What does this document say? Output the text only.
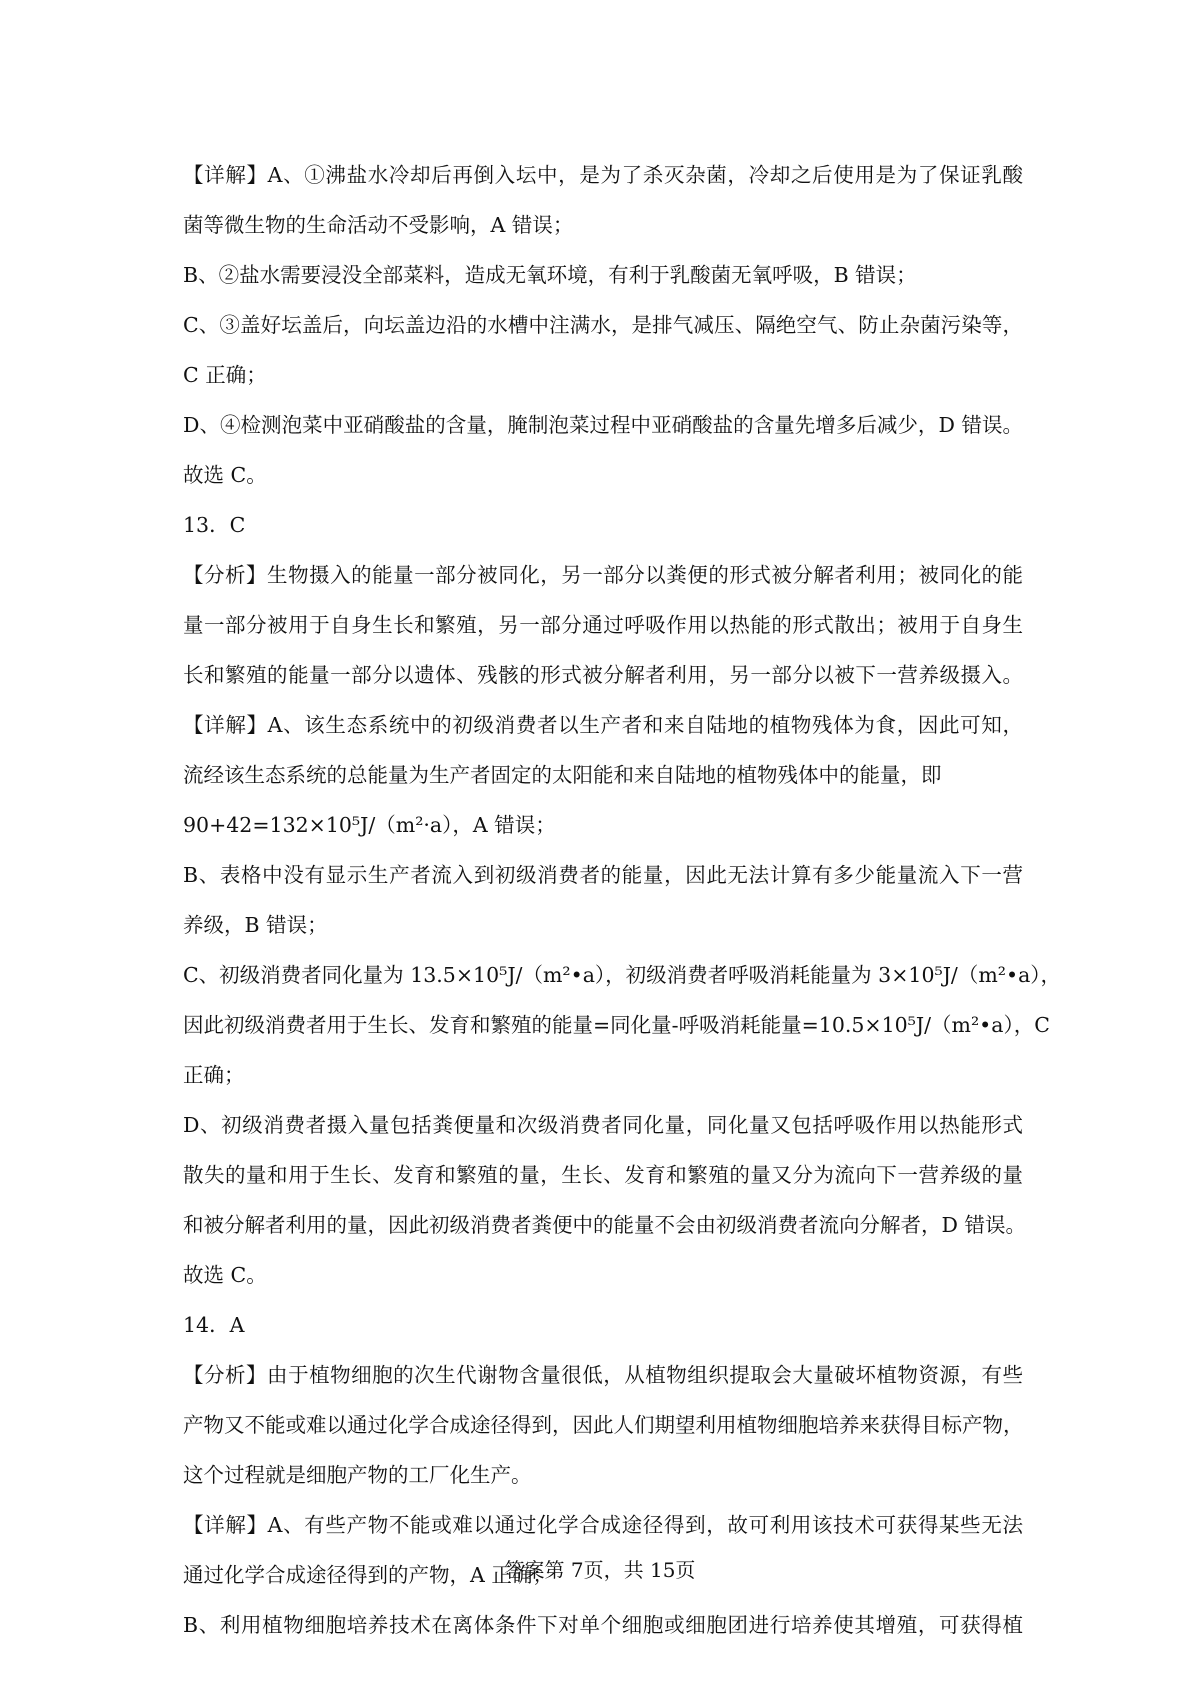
【详解】A、①沸盐水冷却后再倒入坛中，是为了杀灭杂菌，冷却之后使用是为了保证乳酸
菌等微生物的生命活动不受影响，A 错误；
B、②盐水需要浸没全部菜料，造成无氧环境，有利于乳酸菌无氧呼吸，B 错误；
C、③盖好坛盖后，向坛盖边沿的水槽中注满水，是排气减压、隔绝空气、防止杂菌污染等，
C 正确；
D、④检测泡菜中亚硝酸盐的含量，腌制泡菜过程中亚硝酸盐的含量先增多后减少，D 错误。
故选 C。
13．C
【分析】生物摄入的能量一部分被同化，另一部分以粪便的形式被分解者利用；被同化的能
量一部分被用于自身生长和繁殖，另一部分通过呼吸作用以热能的形式散出；被用于自身生
长和繁殖的能量一部分以遗体、残骸的形式被分解者利用，另一部分以被下一营养级摄入。
【详解】A、该生态系统中的初级消费者以生产者和来自陆地的植物残体为食，因此可知，
流经该生态系统的总能量为生产者固定的太阳能和来自陆地的植物残体中的能量，即
90+42=132×10⁵J/（m²·a），A 错误；
B、表格中没有显示生产者流入到初级消费者的能量，因此无法计算有多少能量流入下一营
养级，B 错误；
C、初级消费者同化量为 13.5×10⁵J/（m²•a），初级消费者呼吸消耗能量为 3×10⁵J/（m²•a），
因此初级消费者用于生长、发育和繁殖的能量=同化量-呼吸消耗能量=10.5×10⁵J/（m²•a），C
正确；
D、初级消费者摄入量包括粪便量和次级消费者同化量，同化量又包括呼吸作用以热能形式
散失的量和用于生长、发育和繁殖的量，生长、发育和繁殖的量又分为流向下一营养级的量
和被分解者利用的量，因此初级消费者粪便中的能量不会由初级消费者流向分解者，D 错误。
故选 C。
14．A
【分析】由于植物细胞的次生代谢物含量很低，从植物组织提取会大量破坏植物资源，有些
产物又不能或难以通过化学合成途径得到，因此人们期望利用植物细胞培养来获得目标产物，
这个过程就是细胞产物的工厂化生产。
【详解】A、有些产物不能或难以通过化学合成途径得到，故可利用该技术可获得某些无法
通过化学合成途径得到的产物，A 正确；
B、利用植物细胞培养技术在离体条件下对单个细胞或细胞团进行培养使其增殖，可获得植
答案第 7页，共 15页
